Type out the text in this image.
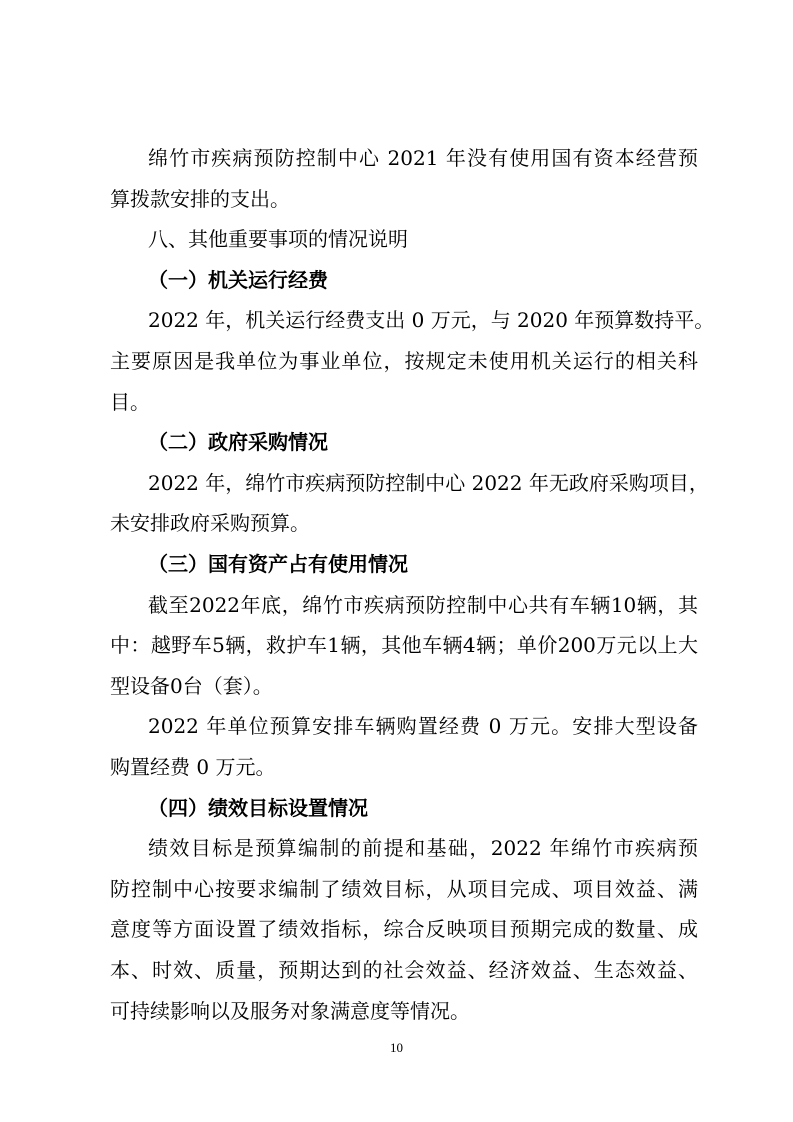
绵竹市疾病预防控制中心 2021 年没有使用国有资本经营预
算拨款安排的支出。
八、其他重要事项的情况说明
（一）机关运行经费
2022 年，机关运行经费支出 0 万元，与 2020 年预算数持平。
主要原因是我单位为事业单位，按规定未使用机关运行的相关科
目。
（二）政府采购情况
2022 年，绵竹市疾病预防控制中心 2022 年无政府采购项目，
未安排政府采购预算。
（三）国有资产占有使用情况
截至2022年底，绵竹市疾病预防控制中心共有车辆10辆，其
中：越野车5辆，救护车1辆，其他车辆4辆；单价200万元以上大
型设备0台（套）。
2022 年单位预算安排车辆购置经费 0 万元。安排大型设备
购置经费 0 万元。
（四）绩效目标设置情况
绩效目标是预算编制的前提和基础，2022 年绵竹市疾病预
防控制中心按要求编制了绩效目标，从项目完成、项目效益、满
意度等方面设置了绩效指标，综合反映项目预期完成的数量、成
本、时效、质量，预期达到的社会效益、经济效益、生态效益、
可持续影响以及服务对象满意度等情况。
10
